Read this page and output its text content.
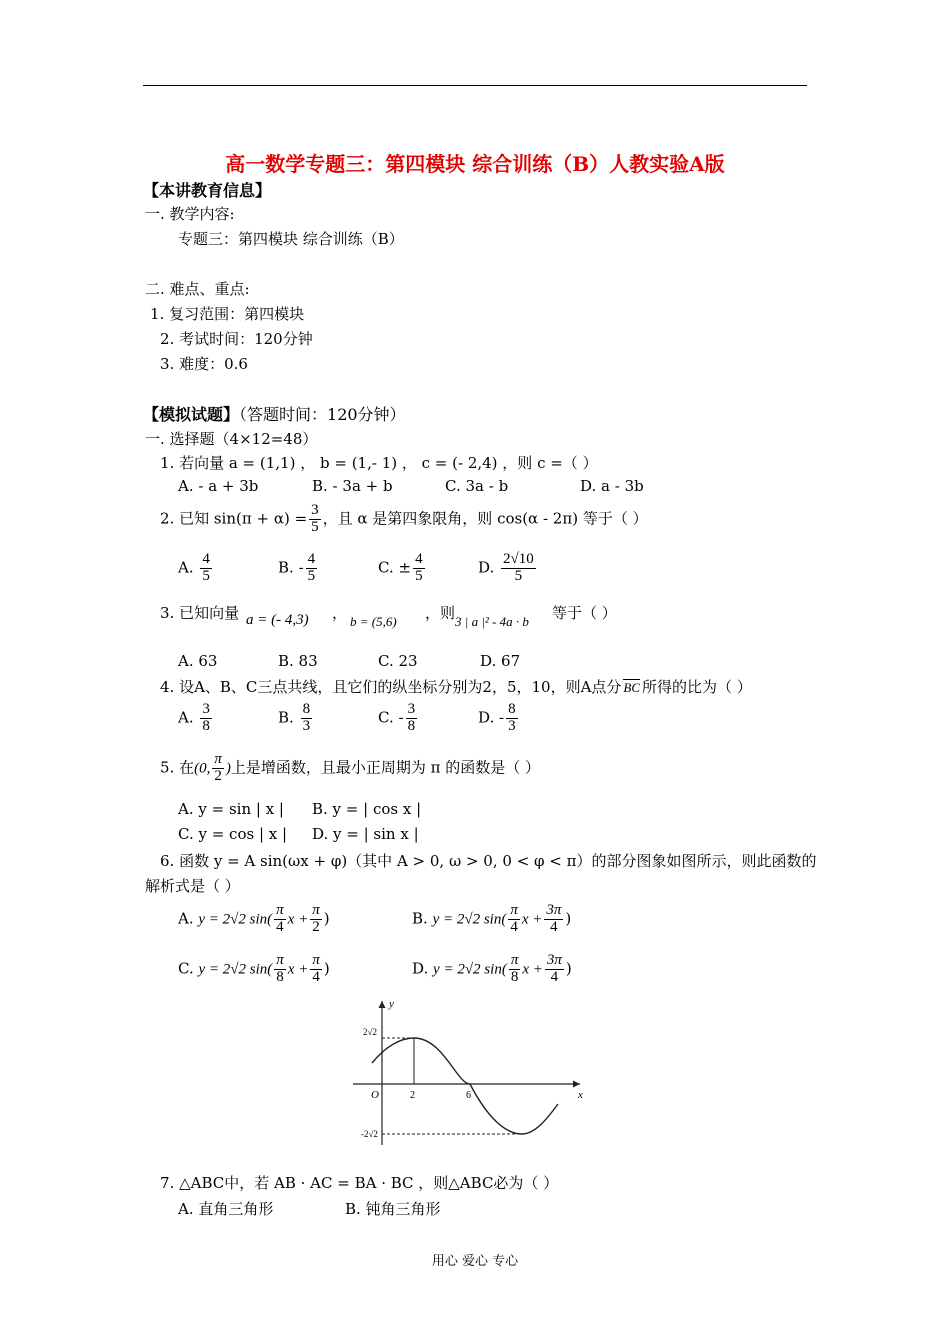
高一数学专题三：第四模块 综合训练（B）人教实验A版
【本讲教育信息】
一. 教学内容:
专题三：第四模块 综合训练（B）
二. 难点、重点:
1. 复习范围：第四模块
2. 考试时间：120分钟
3. 难度：0.6
【模拟试题】（答题时间：120分钟）
一. 选择题（4×12=48）
1. 若向量 a = (1,1) ， b = (1,- 1) ， c = (- 2,4) ，则 c =（ ）
A. - a + 3b	B. - 3a + b	C. 3a - b	D. a - 3b
2. 已知 $\sin(\pi + \alpha) = \frac{3}{5}$ ，且 α 是第四象限角，则 cos(α - 2π) 等于（ ）
A. $\frac{4}{5}$	B. - $\frac{4}{5}$	C. ± $\frac{4}{5}$	D. $\frac{2√10}{5}$
3. 已知向量 a = (- 4,3) ， b = (5,6) ，则 3 | a |² - 4a · b 等于（ ）
A. 63	B. 83	C. 23	D. 67
4. 设A、B、C三点共线，且它们的纵坐标分别为2，5，10，则A点分 BC 所得的比为（ ）
A. $\frac{3}{8}$	B. $\frac{8}{3}$	C. - $\frac{3}{8}$	D. - $\frac{8}{3}$
5. 在(0, $\frac{\pi}{2}$ )上是增函数，且最小正周期为 π 的函数是（ ）
A. y = sin | x | B. y = | cos x |
C. y = cos | x | D. y = | sin x |
6. 函数 y = A sin(ωx + φ)（其中 A > 0, ω > 0, 0 < φ < π）的部分图象如图所示，则此函数的
解析式是（ ）
A. y = 2√2 $\sin( \frac{\pi}{4}$ $x + \frac{\pi}{2}$ )	B. y = 2√2 $\sin( \frac{\pi}{4}$ $x + \frac{3\pi}{4}$ )
C. y = 2√2 $\sin( \frac{\pi}{8}$ $x + \frac{\pi}{4}$ )	D. y = 2√2 $\sin( \frac{\pi}{8}$ $x + \frac{3\pi}{4}$ )
y
x
O	2	6
2√2
-2√2
7. △ABC中，若 AB · AC = BA · BC ，则△ABC必为（ ）
A. 直角三角形	B. 钝角三角形
用心 爱心 专心
